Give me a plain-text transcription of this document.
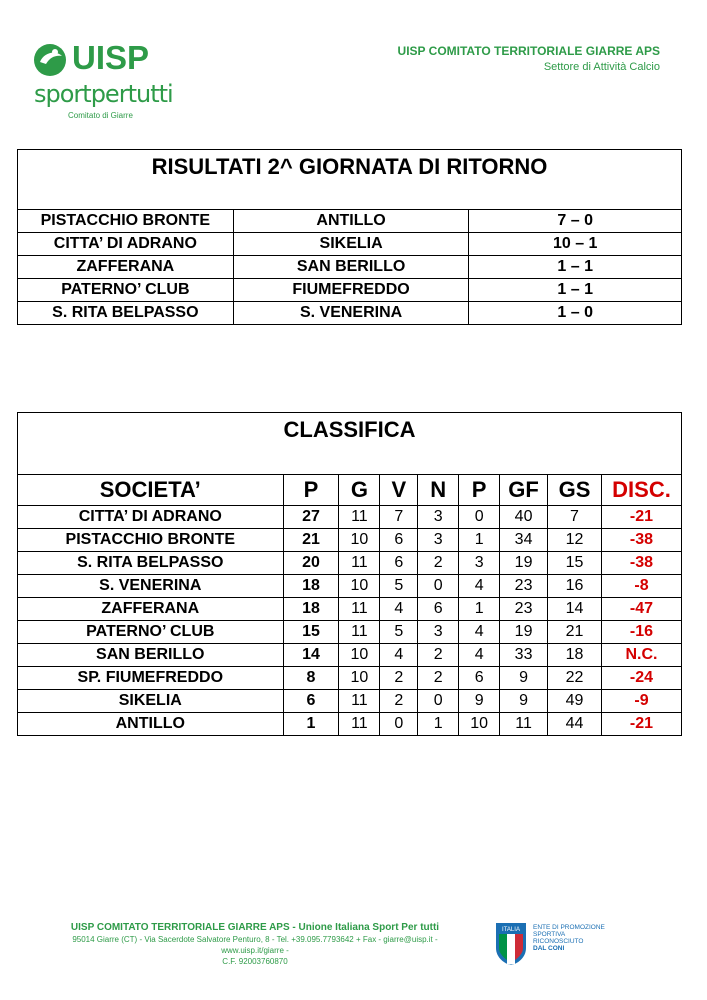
UISP
sportpertutti
Comitato di Giarre
UISP COMITATO TERRITORIALE GIARRE APS
Settore di Attività Calcio
RISULTATI 2^ GIORNATA DI RITORNO		
PISTACCHIO BRONTE	ANTILLO	7 – 0
CITTA’ DI ADRANO	SIKELIA	10 – 1
ZAFFERANA	SAN BERILLO	1 – 1
PATERNO’ CLUB	FIUMEFREDDO	1 – 1
S. RITA BELPASSO	S. VENERINA	1 – 0
CLASSIFICA								
SOCIETA’	P	G	V	N	P	GF	GS	DISC.
CITTA’ DI ADRANO	27	11	7	3	0	40	7	-21
PISTACCHIO BRONTE	21	10	6	3	1	34	12	-38
S. RITA BELPASSO	20	11	6	2	3	19	15	-38
S. VENERINA	18	10	5	0	4	23	16	-8
ZAFFERANA	18	11	4	6	1	23	14	-47
PATERNO’ CLUB	15	11	5	3	4	19	21	-16
SAN BERILLO	14	10	4	2	4	33	18	N.C.
SP. FIUMEFREDDO	8	10	2	2	6	9	22	-24
SIKELIA	6	11	2	0	9	9	49	-9
ANTILLO	1	11	0	1	10	11	44	-21
UISP COMITATO TERRITORIALE GIARRE APS - Unione Italiana Sport Per tutti
95014 Giarre (CT) - Via Sacerdote Salvatore Penturo, 8 - Tel. +39.095.7793642 + Fax - giarre@uisp.it - www.uisp.it/giarre -
C.F. 92003760870
ITALIA ENTE DI PROMOZIONE
SPORTIVA
RICONOSCIUTO
DAL CONI
